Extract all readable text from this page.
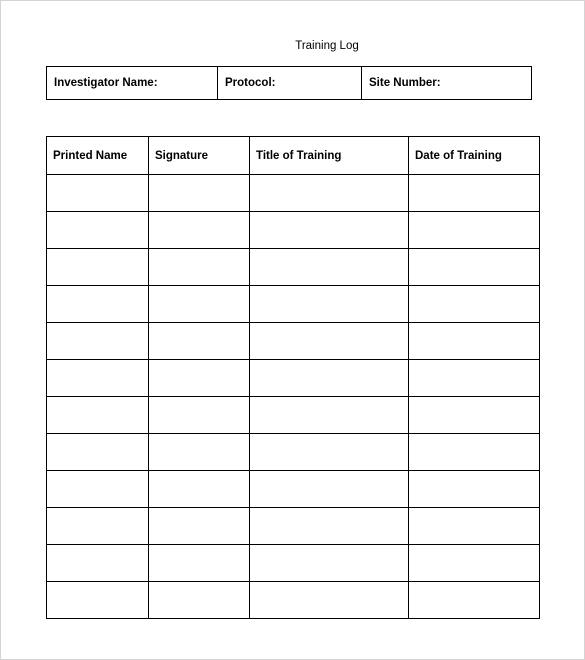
Training Log
Investigator Name:	Protocol:	Site Number:
Printed Name	Signature	Title of Training	Date of Training
